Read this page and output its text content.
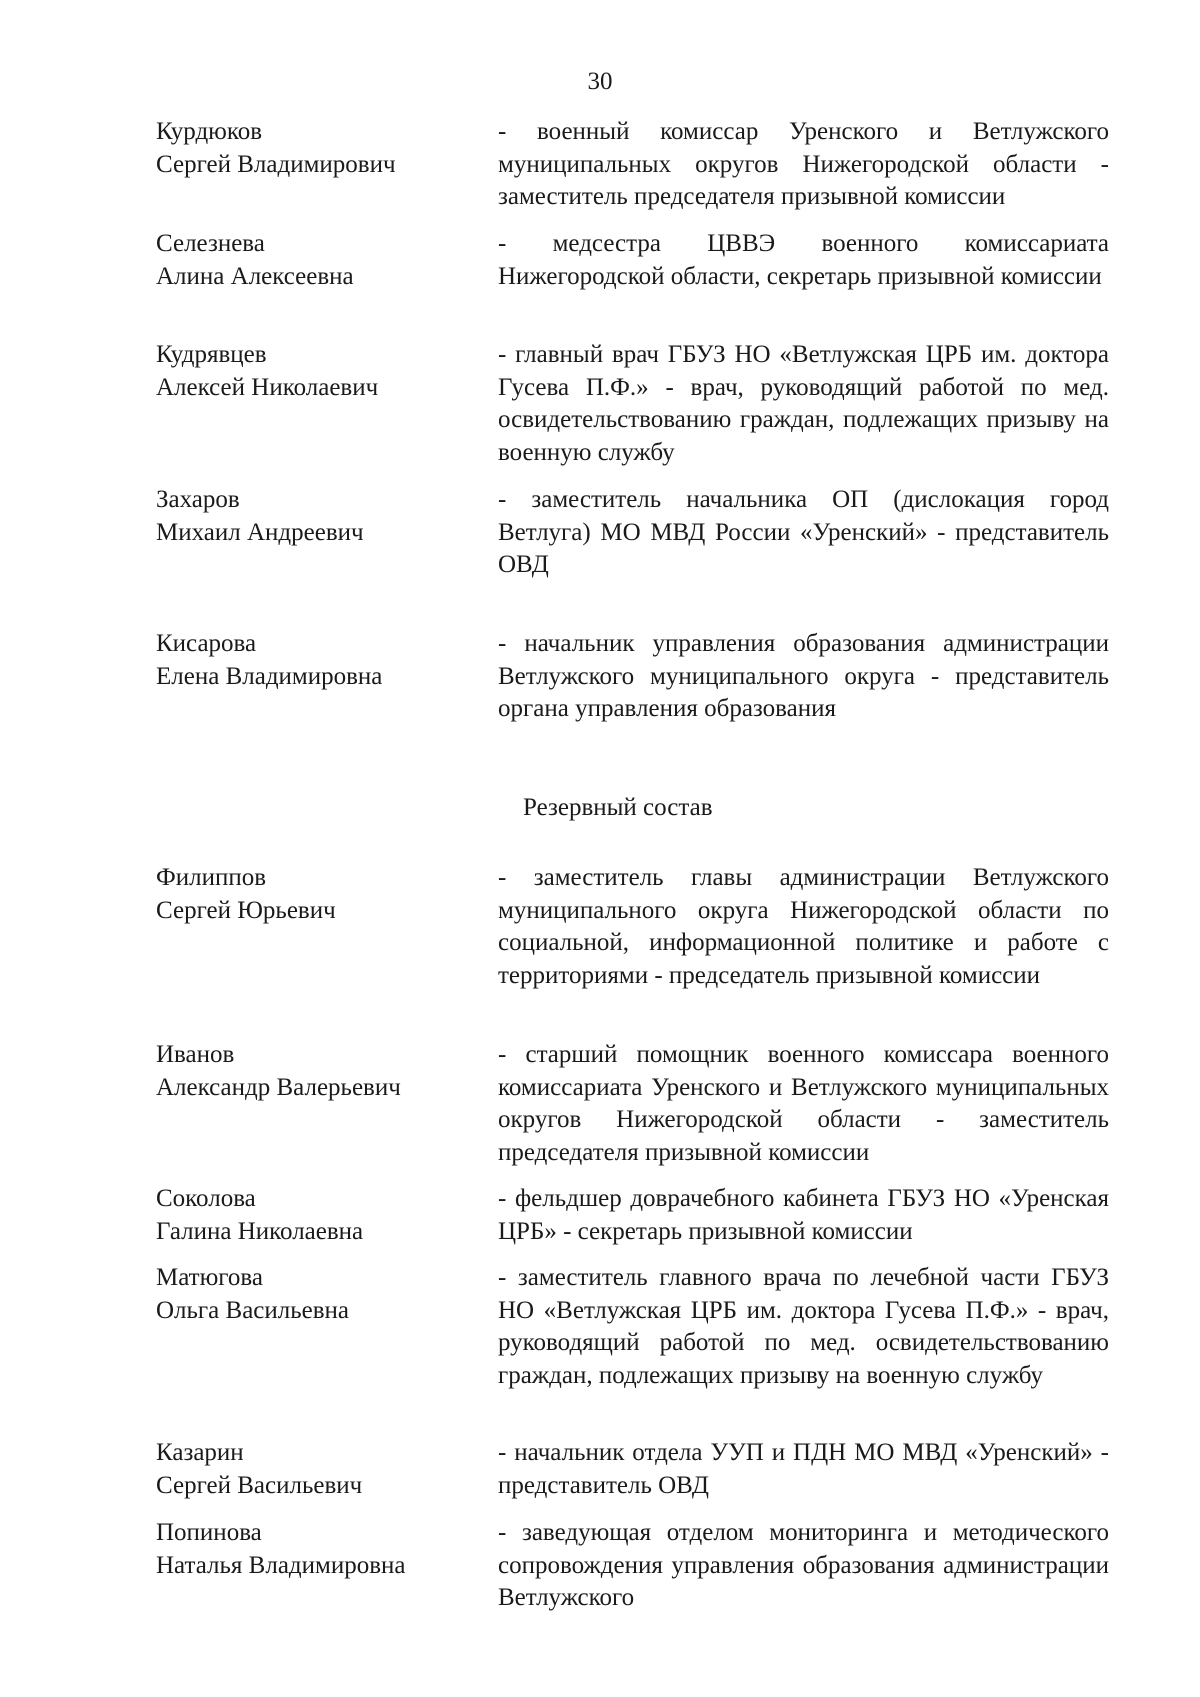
30
Курдюков
Сергей Владимирович
- военный комиссар Уренского и Ветлужского муниципальных округов Нижегородской области - заместитель председателя призывной комиссии
Селезнева
Алина Алексеевна
- медсестра ЦВВЭ военного комиссариата Нижегородской области, секретарь призывной комиссии
Кудрявцев
Алексей Николаевич
- главный врач ГБУЗ НО «Ветлужская ЦРБ им. доктора Гусева П.Ф.» - врач, руководящий работой по мед. освидетельствованию граждан, подлежащих призыву на военную службу
Захаров
Михаил Андреевич
- заместитель начальника ОП (дислокация город Ветлуга) МО МВД России «Уренский» - представитель ОВД
Кисарова
Елена Владимировна
- начальник управления образования администрации Ветлужского муниципального округа - представитель органа управления образования
Резервный состав
Филиппов
Сергей Юрьевич
- заместитель главы администрации Ветлужского муниципального округа Нижегородской области по социальной, информационной политике и работе с территориями - председатель призывной комиссии
Иванов
Александр Валерьевич
- старший помощник военного комиссара военного комиссариата Уренского и Ветлужского муниципальных округов Нижегородской области - заместитель председателя призывной комиссии
Соколова
Галина Николаевна
- фельдшер доврачебного кабинета ГБУЗ НО «Уренская ЦРБ» - секретарь призывной комиссии
Матюгова
Ольга Васильевна
- заместитель главного врача по лечебной части ГБУЗ НО «Ветлужская ЦРБ им. доктора Гусева П.Ф.» - врач, руководящий работой по мед. освидетельствованию граждан, подлежащих призыву на военную службу
Казарин
Сергей Васильевич
- начальник отдела УУП и ПДН МО МВД «Уренский» - представитель ОВД
Попинова
Наталья Владимировна
- заведующая отделом мониторинга и методического сопровождения управления образования администрации Ветлужского
